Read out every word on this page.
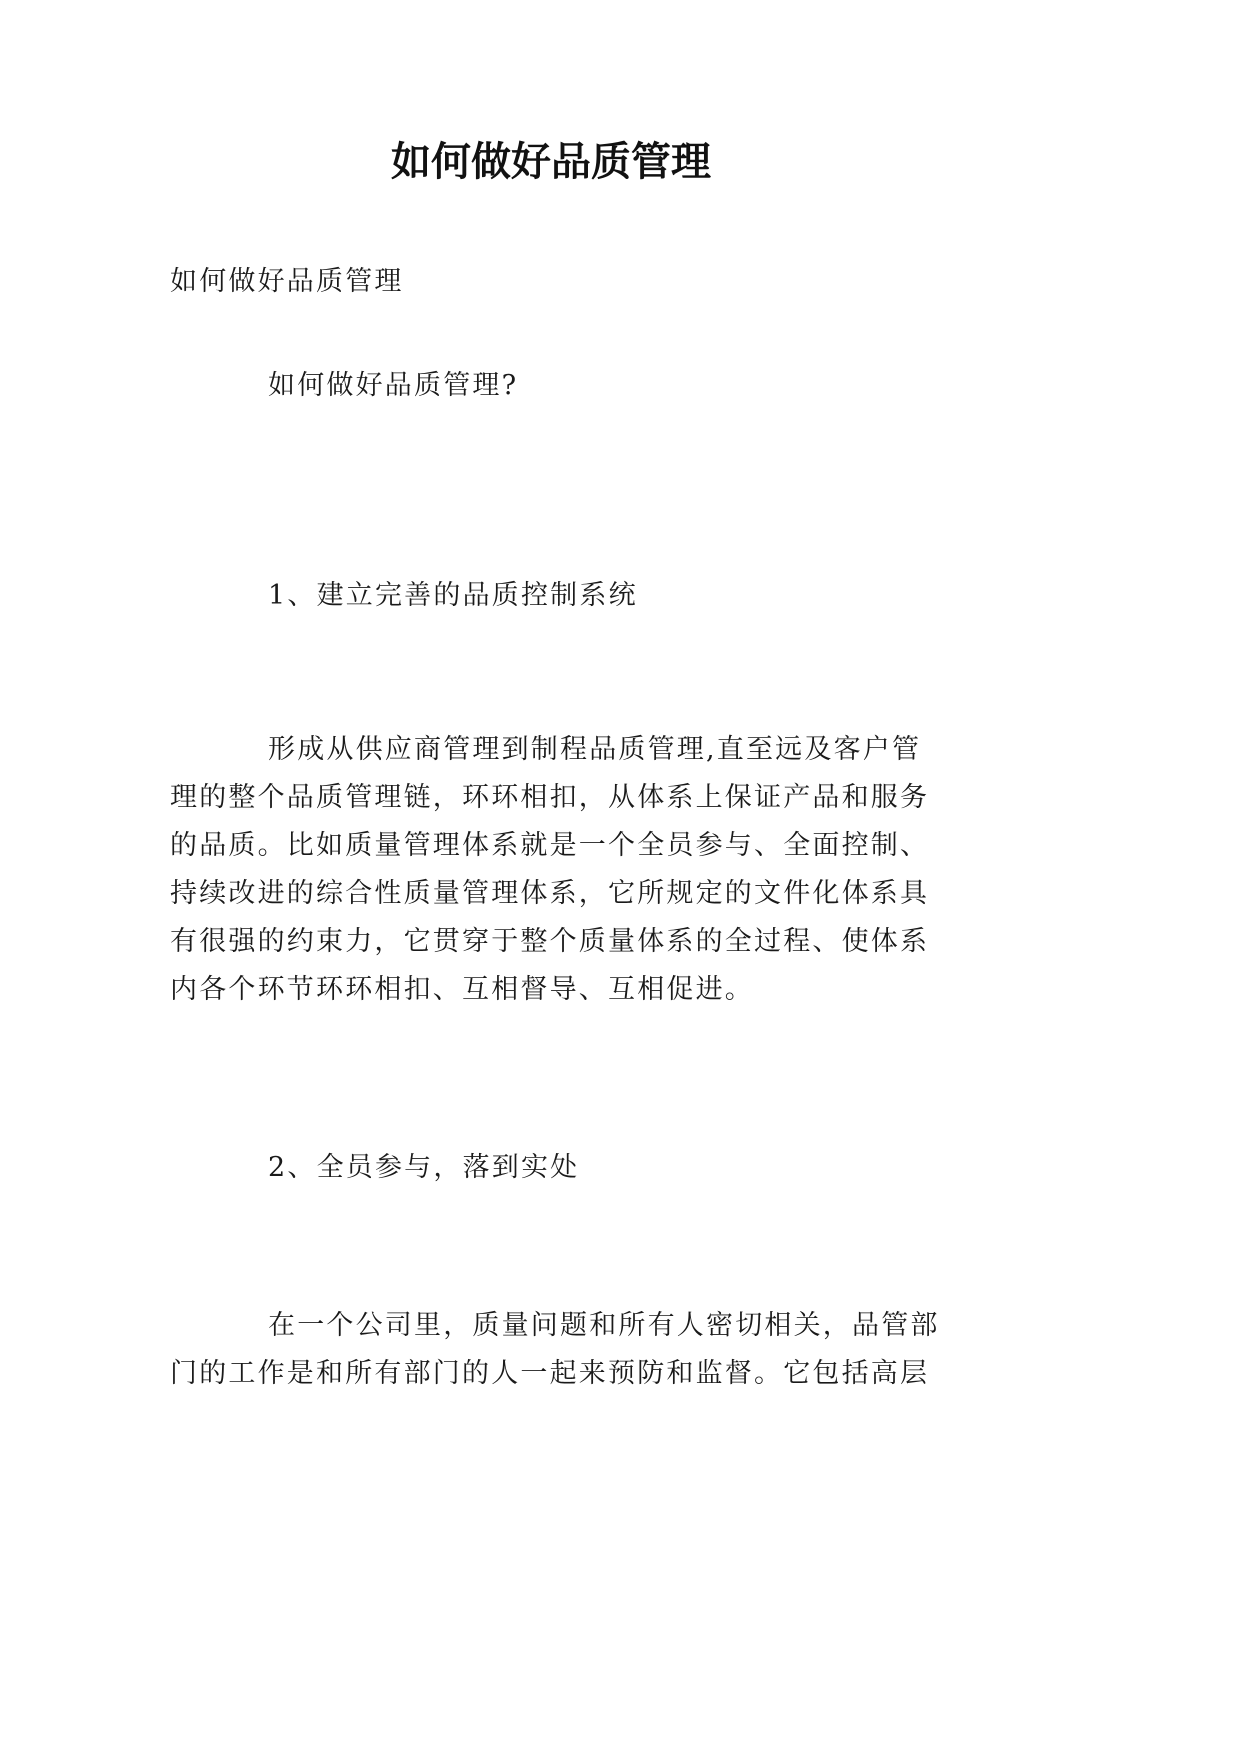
如何做好品质管理

如何做好品质管理

如何做好品质管理?

1、建立完善的品质控制系统

形成从供应商管理到制程品质管理,直至远及客户管
理的整个品质管理链，环环相扣，从体系上保证产品和服务
的品质。比如质量管理体系就是一个全员参与、全面控制、
持续改进的综合性质量管理体系，它所规定的文件化体系具
有很强的约束力，它贯穿于整个质量体系的全过程、使体系
内各个环节环环相扣、互相督导、互相促进。

2、全员参与，落到实处

在一个公司里，质量问题和所有人密切相关，品管部
门的工作是和所有部门的人一起来预防和监督。它包括高层
